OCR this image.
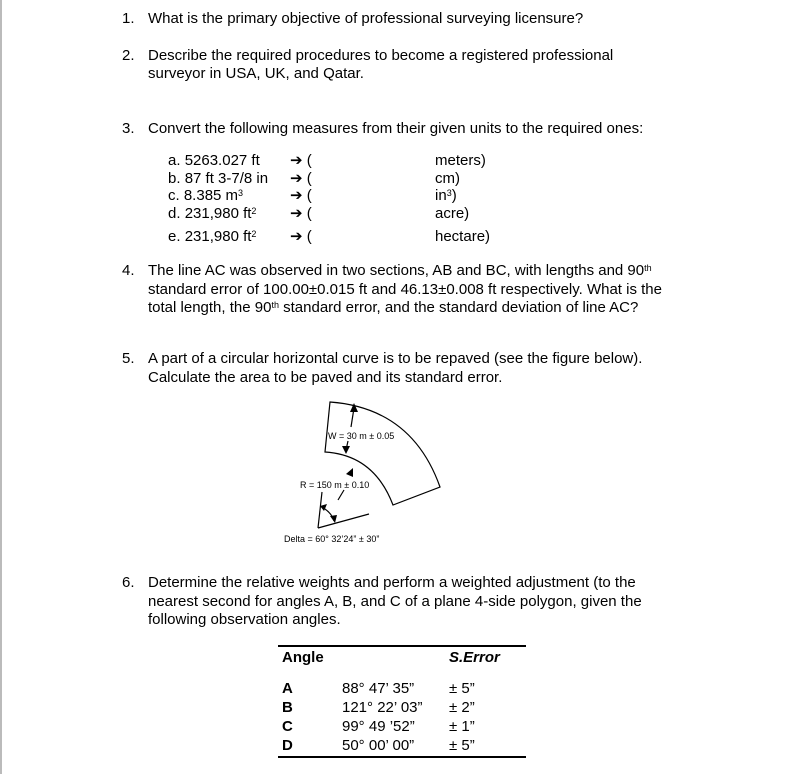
1. What is the primary objective of professional surveying licensure?
2. Describe the required procedures to become a registered professional
surveyor in USA, UK, and Qatar.
3. Convert the following measures from their given units to the required ones:
a. 5263.027 ft ➔ (	meters)
b. 87 ft 3-7/8 in ➔ (	cm)
c. 8.385 $m^3$	➔ (	$in^3$)
d. 231,980 $ft^2$ ➔ (	acre)
e. 231,980 $ft^2$ ➔ (	hectare)
4. The line AC was observed in two sections, AB and BC, with lengths and 90th
standard error of 100.00±0.015 ft and 46.13±0.008 ft respectively. What is the
total length, the 90th standard error, and the standard deviation of line AC?
5. A part of a circular horizontal curve is to be repaved (see the figure below).
Calculate the area to be paved and its standard error.
W = 30 m ± 0.05
R = 150 m ± 0.10
Delta = 60° 32’24” ± 30”
6. Determine the relative weights and perform a weighted adjustment (to the
nearest second for angles A, B, and C of a plane 4-side polygon, given the
following observation angles.
Angle	S.Error
A	88° 47’ 35” ± 5”
B	121° 22’ 03” ± 2”
C	99° 49 ’52” ± 1”
D	50° 00’ 00” ± 5”
